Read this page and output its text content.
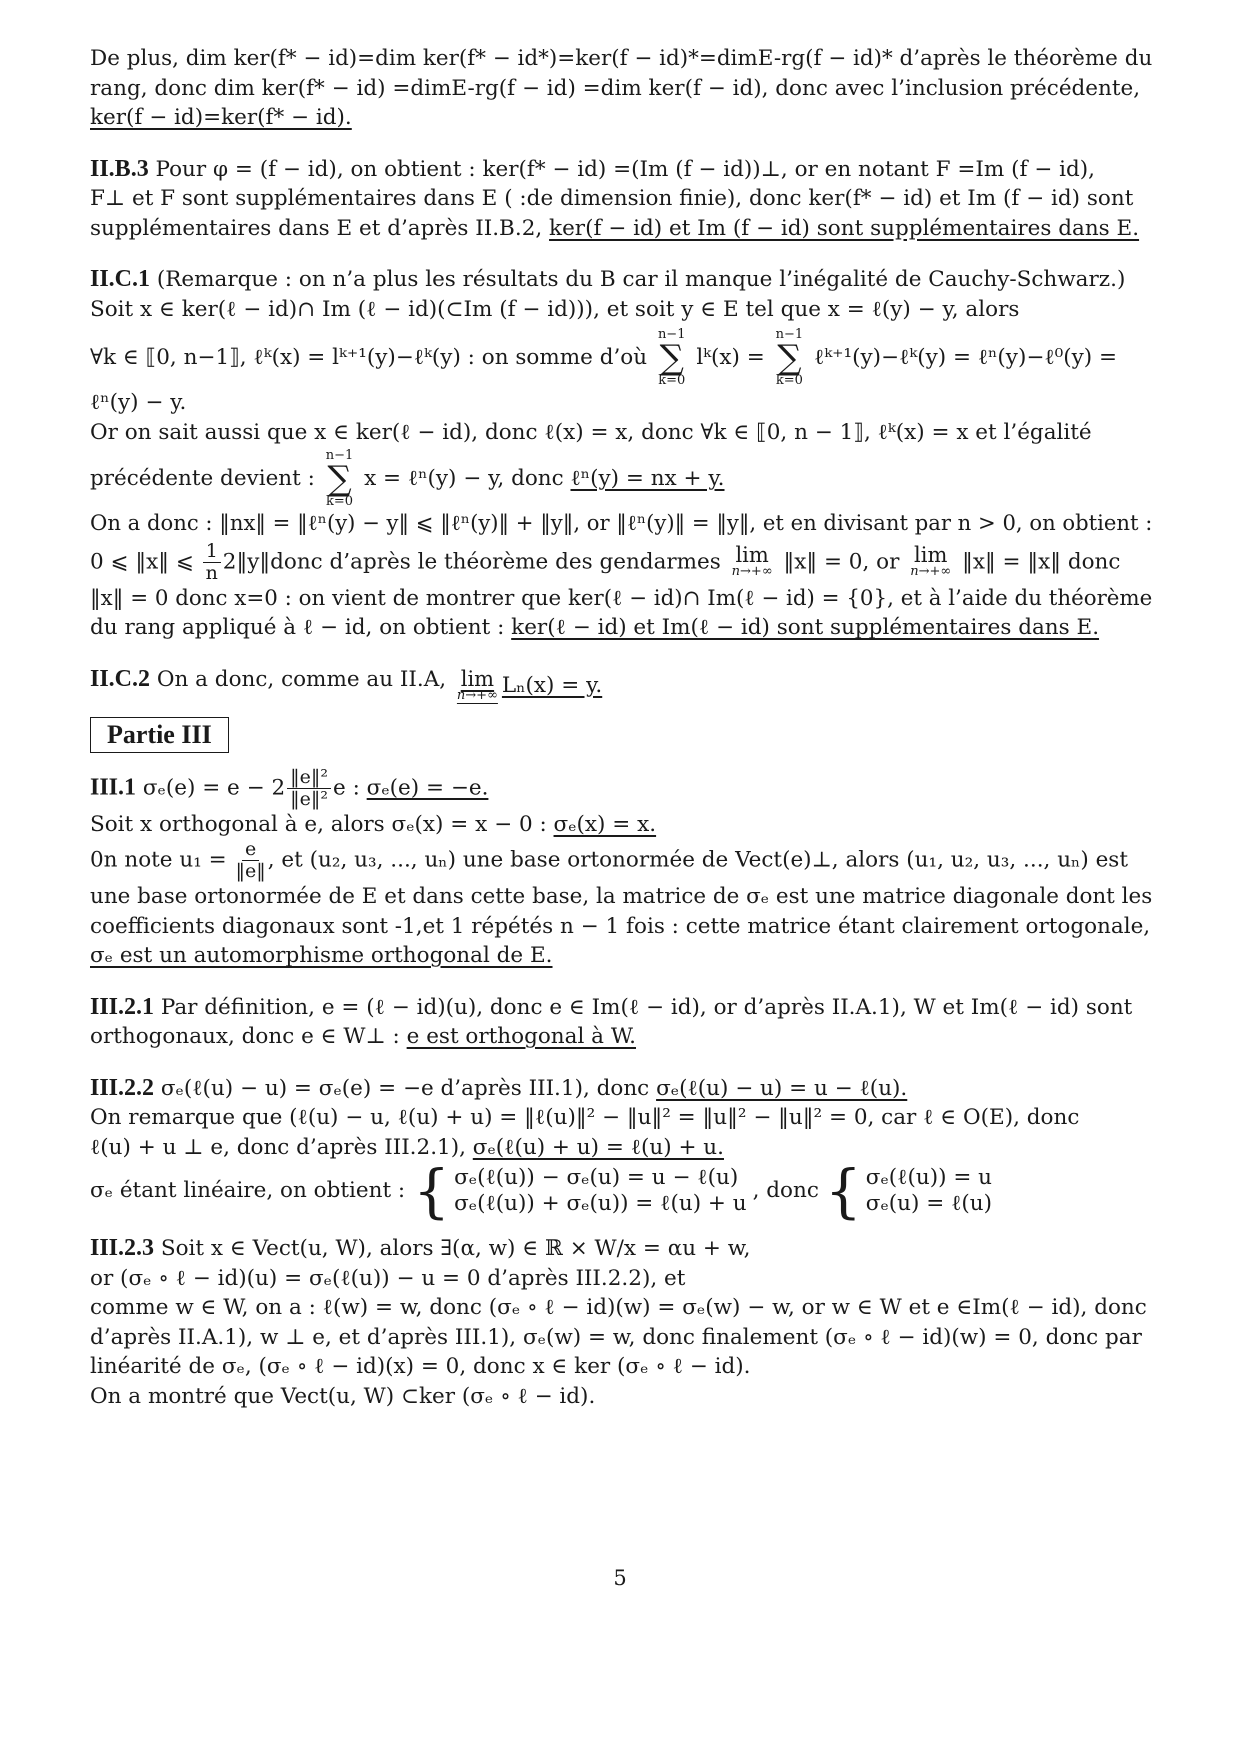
De plus, dim ker(f* − id)=dim ker(f* − id*)=ker(f − id)*=dimE-rg(f − id)* d’après le théorème du
rang, donc dim ker(f* − id) =dimE-rg(f − id) =dim ker(f − id), donc avec l’inclusion précédente,
ker(f − id)=ker(f* − id).
II.B.3 Pour φ = (f − id), on obtient : ker(f* − id) =(Im (f − id))⊥, or en notant F =Im (f − id),
F⊥ et F sont supplémentaires dans E ( :de dimension finie), donc ker(f* − id) et Im (f − id) sont
supplémentaires dans E et d’après II.B.2, ker(f − id) et Im (f − id) sont supplémentaires dans E.
II.C.1 (Remarque : on n’a plus les résultats du B car il manque l’inégalité de Cauchy-Schwarz.)
Soit x ∈ ker(ℓ − id)∩ Im (ℓ − id)(⊂Im (f − id))), et soit y ∈ E tel que x = ℓ(y) − y, alors
∀k ∈ ⟦0, n−1⟧, ℓᵏ(x) = lᵏ⁺¹(y)−ℓᵏ(y) : on somme d’où
n−1
∑
k=0
lᵏ(x) =
n−1
∑
k=0
ℓᵏ⁺¹(y)−ℓᵏ(y) = ℓⁿ(y)−ℓ⁰(y) =
ℓⁿ(y) − y.
Or on sait aussi que x ∈ ker(ℓ − id), donc ℓ(x) = x, donc ∀k ∈ ⟦0, n − 1⟧, ℓᵏ(x) = x et l’égalité
précédente devient :
n−1
∑
k=0
x = ℓⁿ(y) − y, donc ℓⁿ(y) = nx + y.
On a donc : ‖nx‖ = ‖ℓⁿ(y) − y‖ ⩽ ‖ℓⁿ(y)‖ + ‖y‖, or ‖ℓⁿ(y)‖ = ‖y‖, et en divisant par n > 0, on obtient :
0 ⩽ ‖x‖ ⩽ $\frac{1}{n}$ 2‖y‖donc d’après le théorème des gendarmes lim
n→+∞ ‖x‖ = 0, or lim
n→+∞ ‖x‖ = ‖x‖ donc
‖x‖ = 0 donc x=0 : on vient de montrer que ker(ℓ − id)∩ Im(ℓ − id) = {0}, et à l’aide du théorème
du rang appliqué à ℓ − id, on obtient : ker(ℓ − id) et Im(ℓ − id) sont supplémentaires dans E.
II.C.2 On a donc, comme au II.A, lim
n→+∞ Lₙ(x) = y.
Partie III
III.1 $\sigma_e(e) = e - 2 \frac{\text{‖e‖²}}{\text{‖e‖²}}$ e : σₑ(e) = −e.
Soit x orthogonal à e, alors σₑ(x) = x − 0 : σₑ(x) = x.
0n note $u_1 = \frac{e}{‖e‖}$ , et (u₂, u₃, ..., uₙ) une base ortonormée de Vect(e)⊥, alors (u₁, u₂, u₃, ..., uₙ) est
une base ortonormée de E et dans cette base, la matrice de σₑ est une matrice diagonale dont les
coefficients diagonaux sont -1,et 1 répétés n − 1 fois : cette matrice étant clairement ortogonale,
σₑ est un automorphisme orthogonal de E.
III.2.1 Par définition, e = (ℓ − id)(u), donc e ∈ Im(ℓ − id), or d’après II.A.1), W et Im(ℓ − id) sont
orthogonaux, donc e ∈ W⊥ : e est orthogonal à W.
III.2.2 σₑ(ℓ(u) − u) = σₑ(e) = −e d’après III.1), donc σₑ(ℓ(u) − u) = u − ℓ(u).
On remarque que (ℓ(u) − u, ℓ(u) + u) = ‖ℓ(u)‖² − ‖u‖² = ‖u‖² − ‖u‖² = 0, car ℓ ∈ O(E), donc
ℓ(u) + u ⊥ e, donc d’après III.2.1), σₑ(ℓ(u) + u) = ℓ(u) + u.
σₑ étant linéaire, on obtient : { σₑ(ℓ(u)) − σₑ(u) = u − ℓ(u)
σₑ(ℓ(u)) + σₑ(u)) = ℓ(u) + u
, donc { σₑ(ℓ(u)) = u
σₑ(u) = ℓ(u)
III.2.3 Soit x ∈ Vect(u, W), alors ∃(α, w) ∈ ℝ × W/x = αu + w,
or (σₑ ∘ ℓ − id)(u) = σₑ(ℓ(u)) − u = 0 d’après III.2.2), et
comme w ∈ W, on a : ℓ(w) = w, donc (σₑ ∘ ℓ − id)(w) = σₑ(w) − w, or w ∈ W et e ∈Im(ℓ − id), donc
d’après II.A.1), w ⊥ e, et d’après III.1), σₑ(w) = w, donc finalement (σₑ ∘ ℓ − id)(w) = 0, donc par
linéarité de σₑ, (σₑ ∘ ℓ − id)(x) = 0, donc x ∈ ker (σₑ ∘ ℓ − id).
On a montré que Vect(u, W) ⊂ker (σₑ ∘ ℓ − id).
5
